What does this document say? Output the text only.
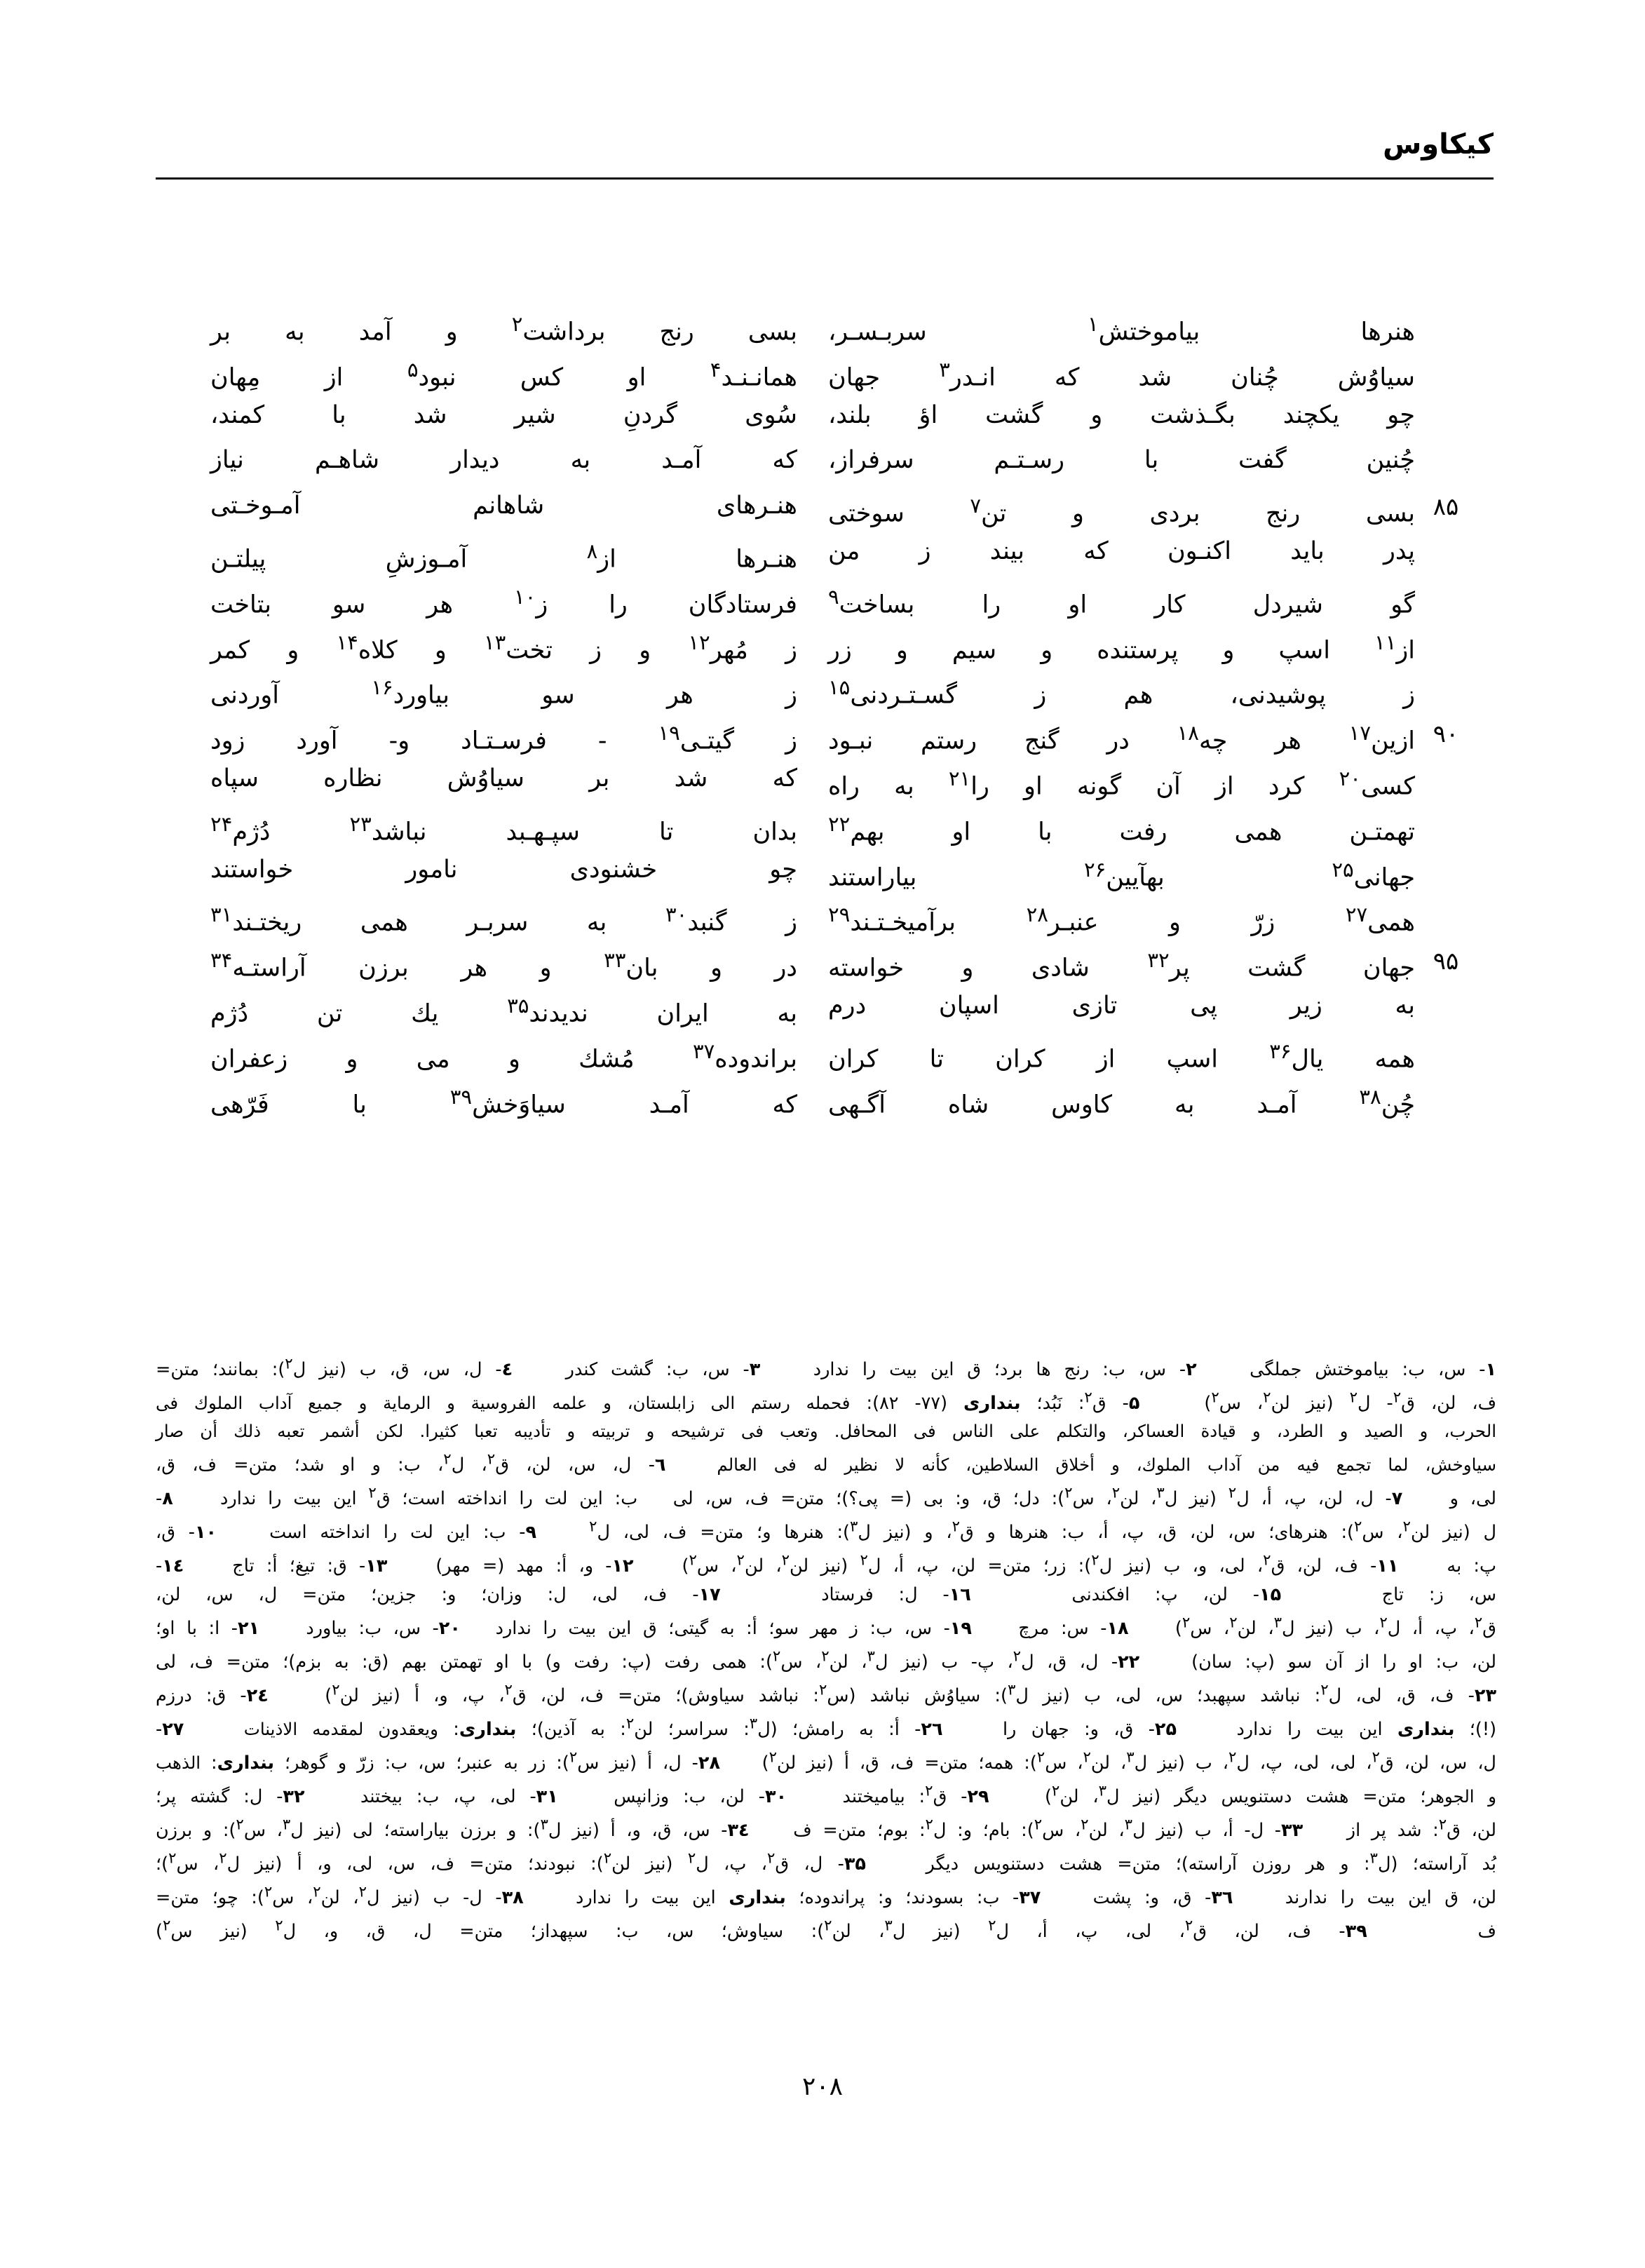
کیکاوس
هنرها بیاموختش$^۱$ سربـسـر،
بسی رنج برداشت$^۲$ و آمد به بر
سیاوُش چُنان شد که انـدر$^۳$ جهان
همانـنـد$^۴$ او کس نبود$^۵$ از مِهان
چو یکچند بگـذشت و گشت اؤ بلند،
سُوی گردنِ شیر شد با کمند،
چُنین گفت با رسـتـم سرفراز،
که آمـد به دیدار شاهـم نیاز
۸۵
بسی رنج بردی و تن$^۷$ سوختی
هنـرهای شاهانم آمـوخـتی
پدر باید اکنـون که بیند ز من
هنـرها از$^۸$ آمـوزشِ پیلتـن
گو شیردل کار او را بساخت$^۹$
فرستادگان را ز$^{۱۰}$ هر سو بتاخت
از$^{۱۱}$ اسپ و پرستنده و سیم و زر
ز مُهر$^{۱۲}$ و ز تخت$^{۱۳}$ و کلاه$^{۱۴}$ و کمر
ز پوشیدنی، هم ز گسـتـردنی$^{۱۵}$
ز هر سو بیاورد$^{۱۶}$ آوردنی
۹۰
ازین$^{۱۷}$ هر چه$^{۱۸}$ در گنج رستم نبـود
ز گیتـی$^{۱۹}$ - فرسـتـاد و- آورد زود
کسی$^{۲۰}$ کرد از آن گونه او را$^{۲۱}$ به راه
که شد بر سیاوُش نظاره سپاه
تهمتـن همی رفت با او بهم$^{۲۲}$
بدان تا سپـهـبد نباشد$^{۲۳}$ دُژم$^{۲۴}$
جهانی$^{۲۵}$ بهآیین$^{۲۶}$ بیاراستند
چو خشنودی نامور خواستند
همی$^{۲۷}$ زرّ و عنبـر$^{۲۸}$ برآمیخـتـند$^{۲۹}$
ز گنبد$^{۳۰}$ به سربـر همی ریختـند$^{۳۱}$
۹۵
جهان گشت پر$^{۳۲}$ شادی و خواسته
در و بان$^{۳۳}$ و هر برزن آراستـه$^{۳۴}$
به زیر پی تازی اسپان درم
به ایران ندیدند$^{۳۵}$ یك تن دُژم
همه یال$^{۳۶}$ اسپ از کران تا کران
براندوده$^{۳۷}$ مُشك و می و زعفران
چُن$^{۳۸}$ آمـد به کاوس شاه آگـهی
که آمـد سیاوَخش$^{۳۹}$ با فَرّهی

۱- س، ب: بیاموختش جملگی    ۲- س، ب: رنج ها برد؛ ق این بیت را ندارد    ۳- س، ب: گشت کندر    ٤- ل، س، ق، ب (نیز ل$^۲$): بمانند؛ متن=

ف، لن، ق$^۲$- ل$^۲$ (نیز لن$^۲$، س$^۲$)    ۵- ق$^۲$: نَبُد؛ بنداری (۷۷- ۸۲): فحمله رستم الی زابلستان، و علمه الفروسیة و الرمایة و جمیع آداب الملوك فی

الحرب، و الصید و الطرد، و قیادة العساکر، والتکلم علی الناس فی المحافل. وتعب فی ترشیحه و تربیته و تأدیبه تعبا کثیرا. لکن أشمر تعبه ذلك أن صار

سیاوخش، لما تجمع فیه من آداب الملوك، و أخلاق السلاطین، کأنه لا نظیر له فی العالم   ٦- ل، س، لن، ق$^۲$، ل$^۲$، ب: و او شد؛ متن= ف، ق،

لی، و    ۷- ل، لن، پ، أ، ل$^۲$ (نیز ل$^۳$، لن$^۲$، س$^۲$): دل؛ ق، و: بی (= پی؟)؛ متن= ف، س، لی   ب: این لت را انداخته است؛ ق$^۲$ این بیت را ندارد    ۸-

ل (نیز لن$^۲$، س$^۲$): هنرهای؛ س، لن، ق، پ، أ، ب: هنرها و ق$^۲$، و (نیز ل$^۳$): هنرها و؛ متن= ف، لی، ل$^۲$    ۹- ب: این لت را انداخته است    ۱۰- ق،

پ: به    ۱۱- ف، لن، ق$^۲$، لی، و، ب (نیز ل$^۲$): زر؛ متن= لن، پ، أ، ل$^۲$ (نیز لن$^۲$، لن$^۲$، س$^۲$)    ۱۲- و، أ: مهد (= مهر)    ۱۳- ق: تیغ؛ أ: تاج    ۱٤-

س، ز: تاج    ۱۵- لن، پ: افکندنی    ۱٦- ل: فرستاد    ۱۷- ف، لی، ل: وزان؛ و: جزین؛ متن= ل، س، لن،

ق$^۲$، پ، أ، ل$^۲$، ب (نیز ل$^۳$، لن$^۲$، س$^۲$)    ۱۸- س: مرچ    ۱۹- س، ب: ز مهر سو؛ أ: به گیتی؛ ق این بیت را ندارد   ۲۰- س، ب: بیاورد    ۲۱- ا: با او؛

لن، ب: او را از آن سو (پ: سان)    ۲۲- ل، ق، ل$^۲$، پ- ب (نیز ل$^۳$، لن$^۲$، س$^۲$): همی رفت (پ: رفت و) با او تهمتن بهم (ق: به بزم)؛ متن= ف، لی

۲۳- ف، ق، لی، ل$^۲$: نباشد سپهبد؛ س، لی، ب (نیز ل$^۳$): سیاوُش نباشد (س$^۲$: نباشد سیاوش)؛ متن= ف، لن، ق$^۲$، پ، و، أ (نیز لن$^۲$)    ۲٤- ق: درزم

(!)؛ بنداری این بیت را ندارد    ۲۵- ق، و: جهان را    ۲٦- أ: به رامش؛ (ل$^۳$: سراسر؛ لن$^۲$: به آذین)؛ بنداری: ویعقدون لمقدمه الاذینات    ۲۷-

ل، س، لن، ق$^۲$، لی، لی، پ، ل$^۲$، ب (نیز ل$^۳$، لن$^۲$، س$^۲$): همه؛ متن= ف، ق، أ (نیز لن$^۲$)    ۲۸- ل، أ (نیز س$^۲$): زر به عنبر؛ س، ب: زرّ و گوهر؛ بنداری: الذهب

و الجوهر؛ متن= هشت دستنویس دیگر (نیز ل$^۳$، لن$^۲$)    ۲۹- ق$^۲$: بیامیختند    ۳۰- لن، ب: وزانپس    ۳۱- لی، پ، ب: بیختند    ۳۲- ل: گشته پر؛

لن، ق$^۲$: شد پر از    ۳۳- ل- أ، ب (نیز ل$^۳$، لن$^۲$، س$^۲$): بام؛ و: ل$^۲$: بوم؛ متن= ف    ۳٤- س، ق، و، أ (نیز ل$^۳$): و برزن بیاراسته؛ لی (نیز ل$^۳$، س$^۲$): و برزن

بُد آراسته؛ (ل$^۳$: و هر روزن آراسته)؛ متن= هشت دستنویس دیگر    ۳۵- ل، ق$^۲$، پ، ل$^۲$ (نیز لن$^۲$): نبودند؛ متن= ف، س، لی، و، أ (نیز ل$^۲$، س$^۲$)؛

لن، ق این بیت را ندارند    ۳٦- ق، و: پشت    ۳۷- ب: بسودند؛ و: پراندوده؛ بنداری این بیت را ندارد    ۳۸- ل- ب (نیز ل$^۲$، لن$^۲$، س$^۲$): چو؛ متن=

ف    ۳۹- ف، لن، ق$^۲$، لی، پ، أ، ل$^۲$ (نیز ل$^۳$، لن$^۲$): سیاوش؛ س، ب: سپهداز؛ متن= ل، ق، و، ل$^۲$ (نیز س$^۲$)

۲۰۸
